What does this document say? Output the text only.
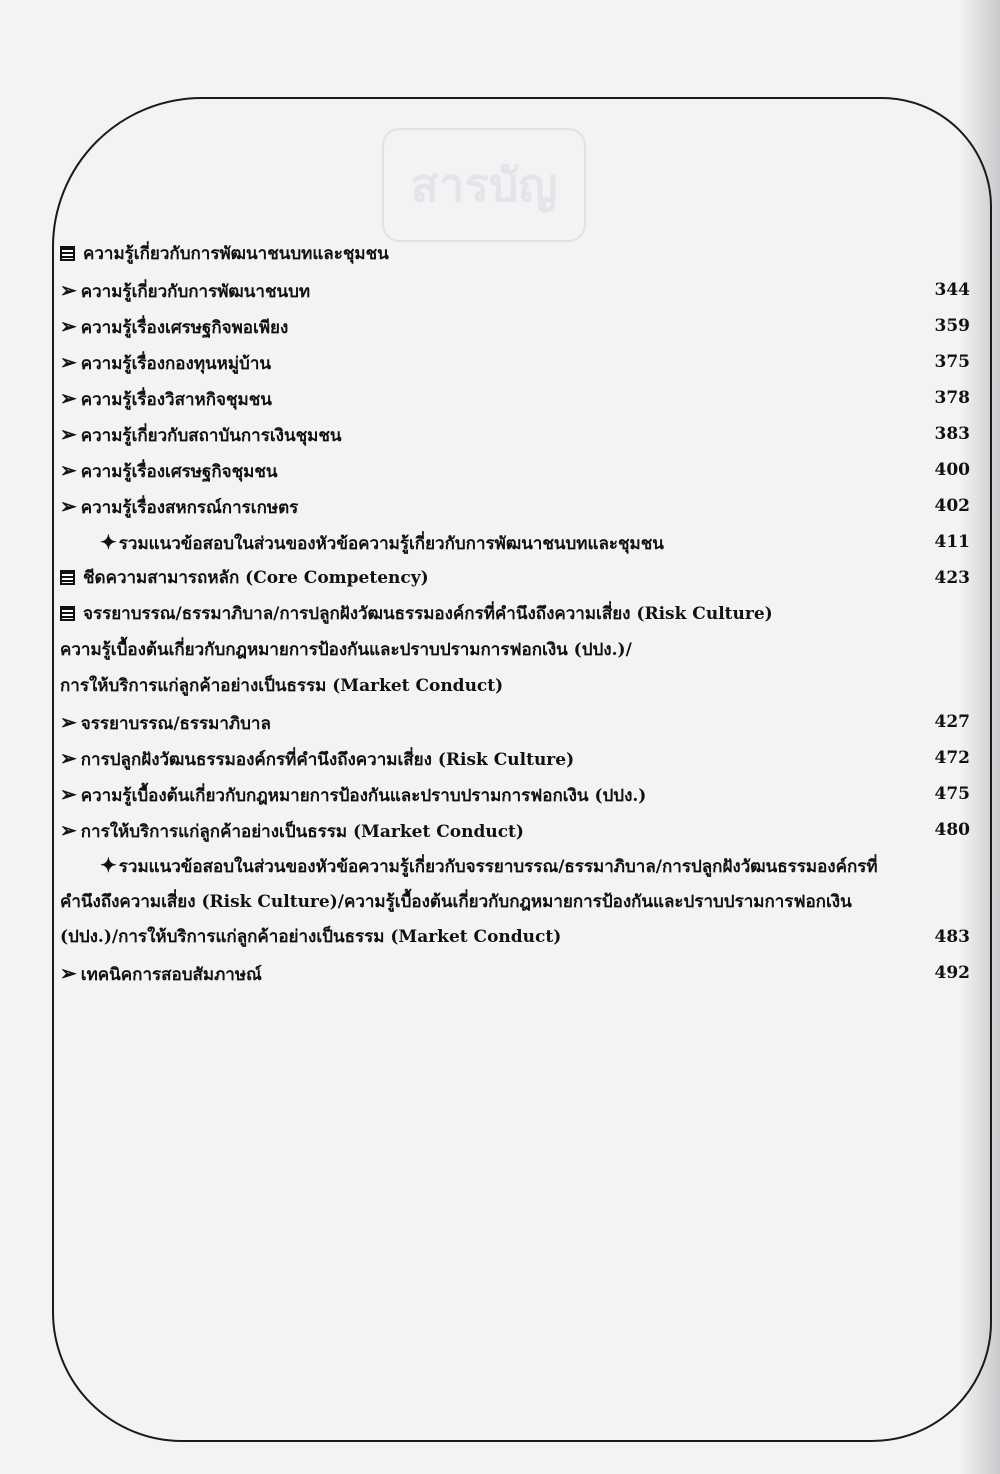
สารบัญ
ความรู้เกี่ยวกับการพัฒนาชนบทและชุมชน
➢ ความรู้เกี่ยวกับการพัฒนาชนบท	344
➢ ความรู้เรื่องเศรษฐกิจพอเพียง	359
➢ ความรู้เรื่องกองทุนหมู่บ้าน	375
➢ ความรู้เรื่องวิสาหกิจชุมชน	378
➢ ความรู้เกี่ยวกับสถาบันการเงินชุมชน	383
➢ ความรู้เรื่องเศรษฐกิจชุมชน	400
➢ ความรู้เรื่องสหกรณ์การเกษตร	402
✦ รวมแนวข้อสอบในส่วนของหัวข้อความรู้เกี่ยวกับการพัฒนาชนบทและชุมชน	411
ชีดความสามารถหลัก (Core Competency)	423
จรรยาบรรณ/ธรรมาภิบาล/การปลูกฝังวัฒนธรรมองค์กรที่คำนึงถึงความเสี่ยง (Risk Culture)
ความรู้เบื้องต้นเกี่ยวกับกฎหมายการป้องกันและปราบปรามการฟอกเงิน (ปปง.)/
การให้บริการแก่ลูกค้าอย่างเป็นธรรม (Market Conduct)
➢ จรรยาบรรณ/ธรรมาภิบาล	427
➢ การปลูกฝังวัฒนธรรมองค์กรที่คำนึงถึงความเสี่ยง (Risk Culture)	472
➢ ความรู้เบื้องต้นเกี่ยวกับกฎหมายการป้องกันและปราบปรามการฟอกเงิน (ปปง.)	475
➢ การให้บริการแก่ลูกค้าอย่างเป็นธรรม (Market Conduct)	480
✦ รวมแนวข้อสอบในส่วนของหัวข้อความรู้เกี่ยวกับจรรยาบรรณ/ธรรมาภิบาล/การปลูกฝังวัฒนธรรมองค์กรที่คำนึงถึงความเสี่ยง (Risk Culture)/ความรู้เบื้องต้นเกี่ยวกับกฎหมายการป้องกันและปราบปรามการฟอกเงิน (ปปง.)/การให้บริการแก่ลูกค้าอย่างเป็นธรรม (Market Conduct)	483
➢ เทคนิคการสอบสัมภาษณ์	492
